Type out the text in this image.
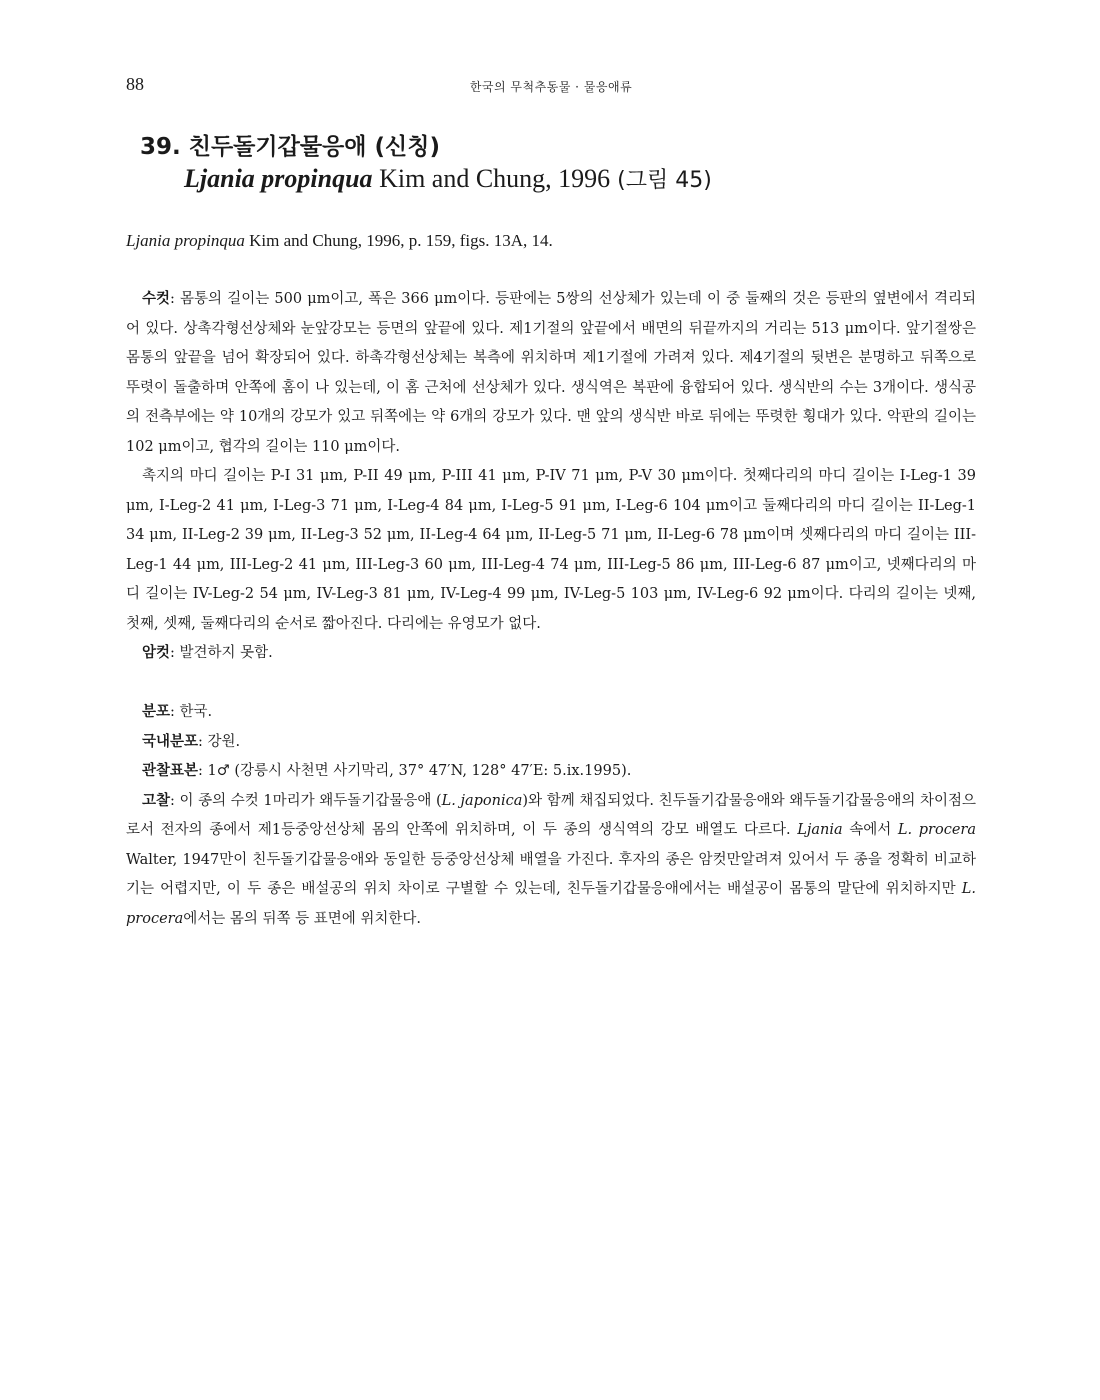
88	한국의 무척추동물 · 물응애류
39. 친두돌기갑물응애 (신칭)
Ljania propinqua Kim and Chung, 1996 (그림 45)
Ljania propinqua Kim and Chung, 1996, p. 159, figs. 13A, 14.

수컷: 몸통의 길이는 500 μm이고, 폭은 366 μm이다. 등판에는 5쌍의 선상체가 있는데 이 중 둘째의 것은 등판의 옆변에서 격리되어 있다. 상촉각형선상체와 눈앞강모는 등면의 앞끝에 있다. 제1기절의 앞끝에서 배면의 뒤끝까지의 거리는 513 μm이다. 앞기절쌍은 몸통의 앞끝을 넘어 확장되어 있다. 하촉각형선상체는 복측에 위치하며 제1기절에 가려져 있다. 제4기절의 뒷변은 분명하고 뒤쪽으로 뚜렷이 돌출하며 안쪽에 홈이 나 있는데, 이 홈 근처에 선상체가 있다. 생식역은 복판에 융합되어 있다. 생식반의 수는 3개이다. 생식공의 전측부에는 약 10개의 강모가 있고 뒤쪽에는 약 6개의 강모가 있다. 맨 앞의 생식반 바로 뒤에는 뚜렷한 횡대가 있다. 악판의 길이는 102 μm이고, 협각의 길이는 110 μm이다.

촉지의 마디 길이는 P-I 31 μm, P-II 49 μm, P-III 41 μm, P-IV 71 μm, P-V 30 μm이다. 첫째다리의 마디 길이는 I-Leg-1 39 μm, I-Leg-2 41 μm, I-Leg-3 71 μm, I-Leg-4 84 μm, I-Leg-5 91 μm, I-Leg-6 104 μm이고 둘째다리의 마디 길이는 II-Leg-1 34 μm, II-Leg-2 39 μm, II-Leg-3 52 μm, II-Leg-4 64 μm, II-Leg-5 71 μm, II-Leg-6 78 μm이며 셋째다리의 마디 길이는 III-Leg-1 44 μm, III-Leg-2 41 μm, III-Leg-3 60 μm, III-Leg-4 74 μm, III-Leg-5 86 μm, III-Leg-6 87 μm이고, 넷째다리의 마디 길이는 IV-Leg-2 54 μm, IV-Leg-3 81 μm, IV-Leg-4 99 μm, IV-Leg-5 103 μm, IV-Leg-6 92 μm이다. 다리의 길이는 넷째, 첫째, 셋째, 둘째다리의 순서로 짧아진다. 다리에는 유영모가 없다.

암컷: 발견하지 못함.

분포: 한국.

국내분포: 강원.

관찰표본: 1♂ (강릉시 사천면 사기막리, 37° 47′N, 128° 47′E: 5.ix.1995).

고찰: 이 종의 수컷 1마리가 왜두돌기갑물응애 (L. japonica)와 함께 채집되었다. 친두돌기갑물응애와 왜두돌기갑물응애의 차이점으로서 전자의 종에서 제1등중앙선상체 몸의 안쪽에 위치하며, 이 두 종의 생식역의 강모 배열도 다르다. Ljania 속에서 L. procera Walter, 1947만이 친두돌기갑물응애와 동일한 등중앙선상체 배열을 가진다. 후자의 종은 암컷만알려져 있어서 두 종을 정확히 비교하기는 어렵지만, 이 두 종은 배설공의 위치 차이로 구별할 수 있는데, 친두돌기갑물응애에서는 배설공이 몸통의 말단에 위치하지만 L. procera에서는 몸의 뒤쪽 등 표면에 위치한다.
